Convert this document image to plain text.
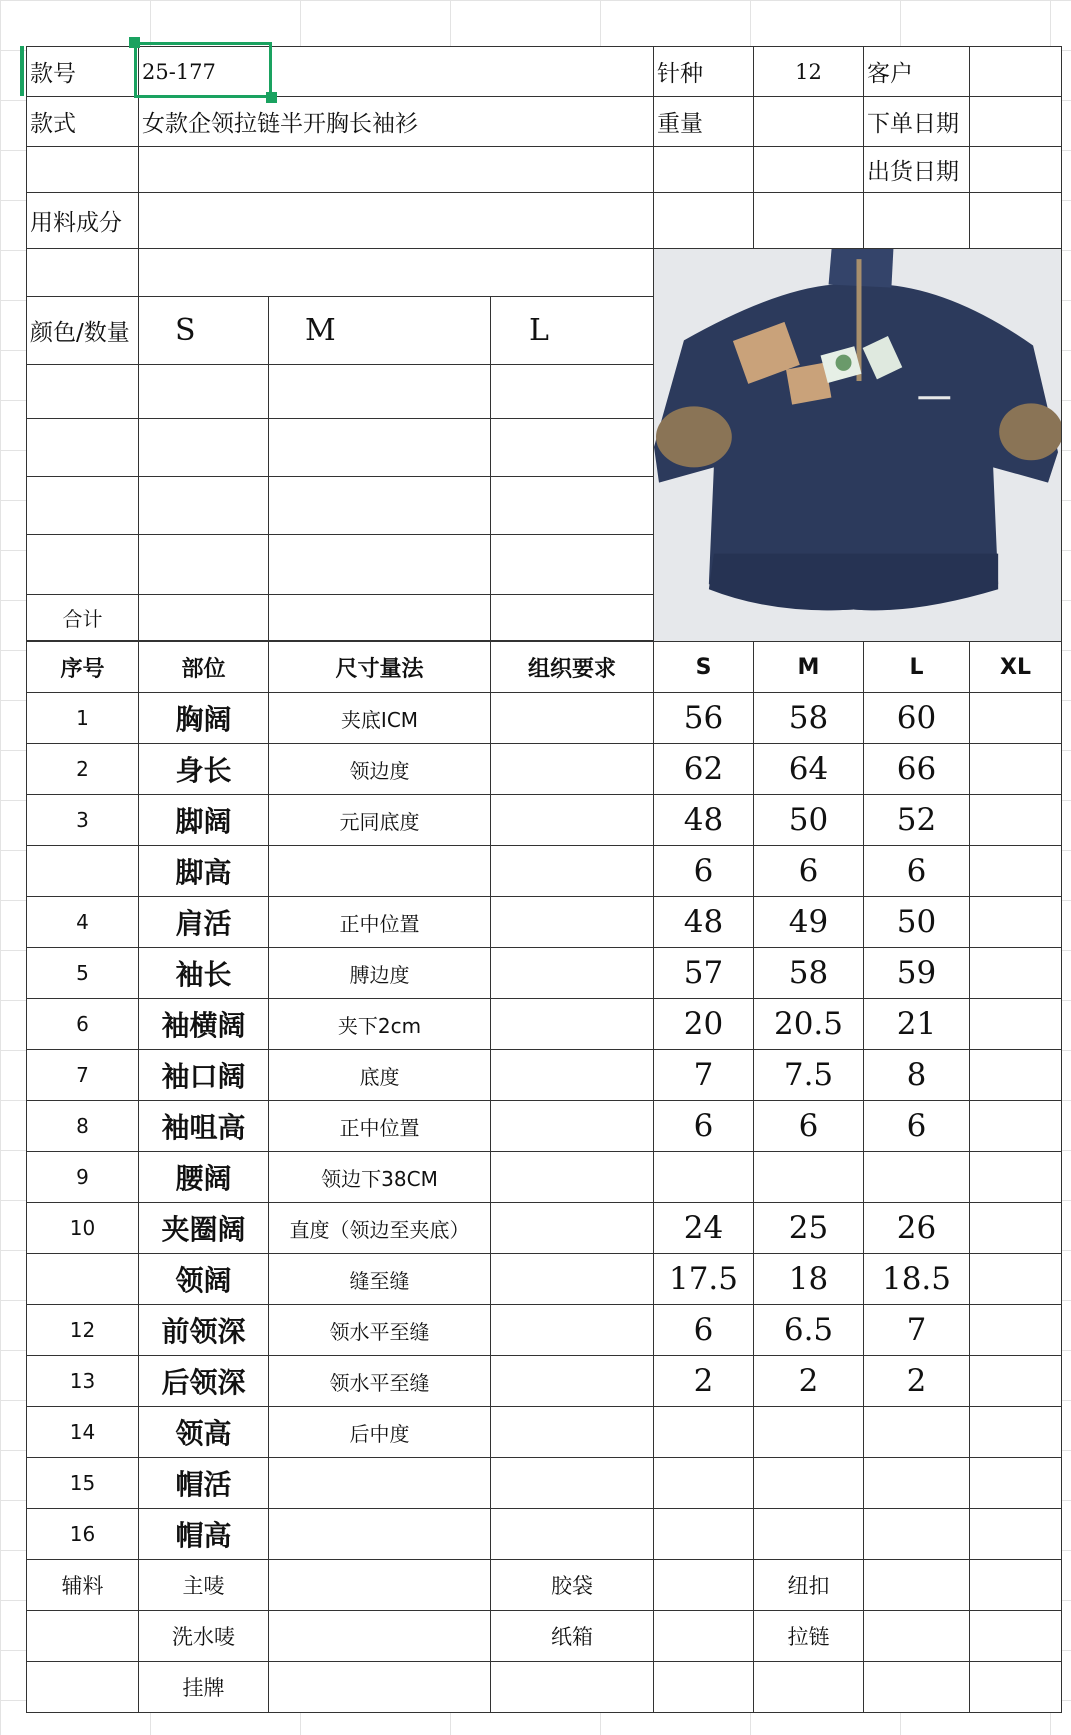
款号	25-177			针种	12	客户	
款式	女款企领拉链半开胸长袖衫			重量		下单日期	
						出货日期	
用料成分							

颜色/数量	S	M	L				

合计							

序号	部位	尺寸量法	组织要求	S	M	L	XL
1	胸阔	夹底ICM		56	58	60	
2	身长	领边度		62	64	66	
3	脚阔	元同底度		48	50	52	
	脚高			6	6	6	
4	肩活	正中位置		48	49	50	
5	袖长	膊边度		57	58	59	
6	袖横阔	夹下2cm		20	20.5	21	
7	袖口阔	底度		7	7.5	8	
8	袖咀高	正中位置		6	6	6	
9	腰阔	领边下38CM					
10	夹圈阔	直度（领边至夹底）		24	25	26	
	领阔	缝至缝		17.5	18	18.5	
12	前领深	领水平至缝		6	6.5	7	
13	后领深	领水平至缝		2	2	2	
14	领高	后中度					
15	帽活						
16	帽高						
辅料	主唛		胶袋		纽扣		
	洗水唛		纸箱		拉链		
	挂牌						
